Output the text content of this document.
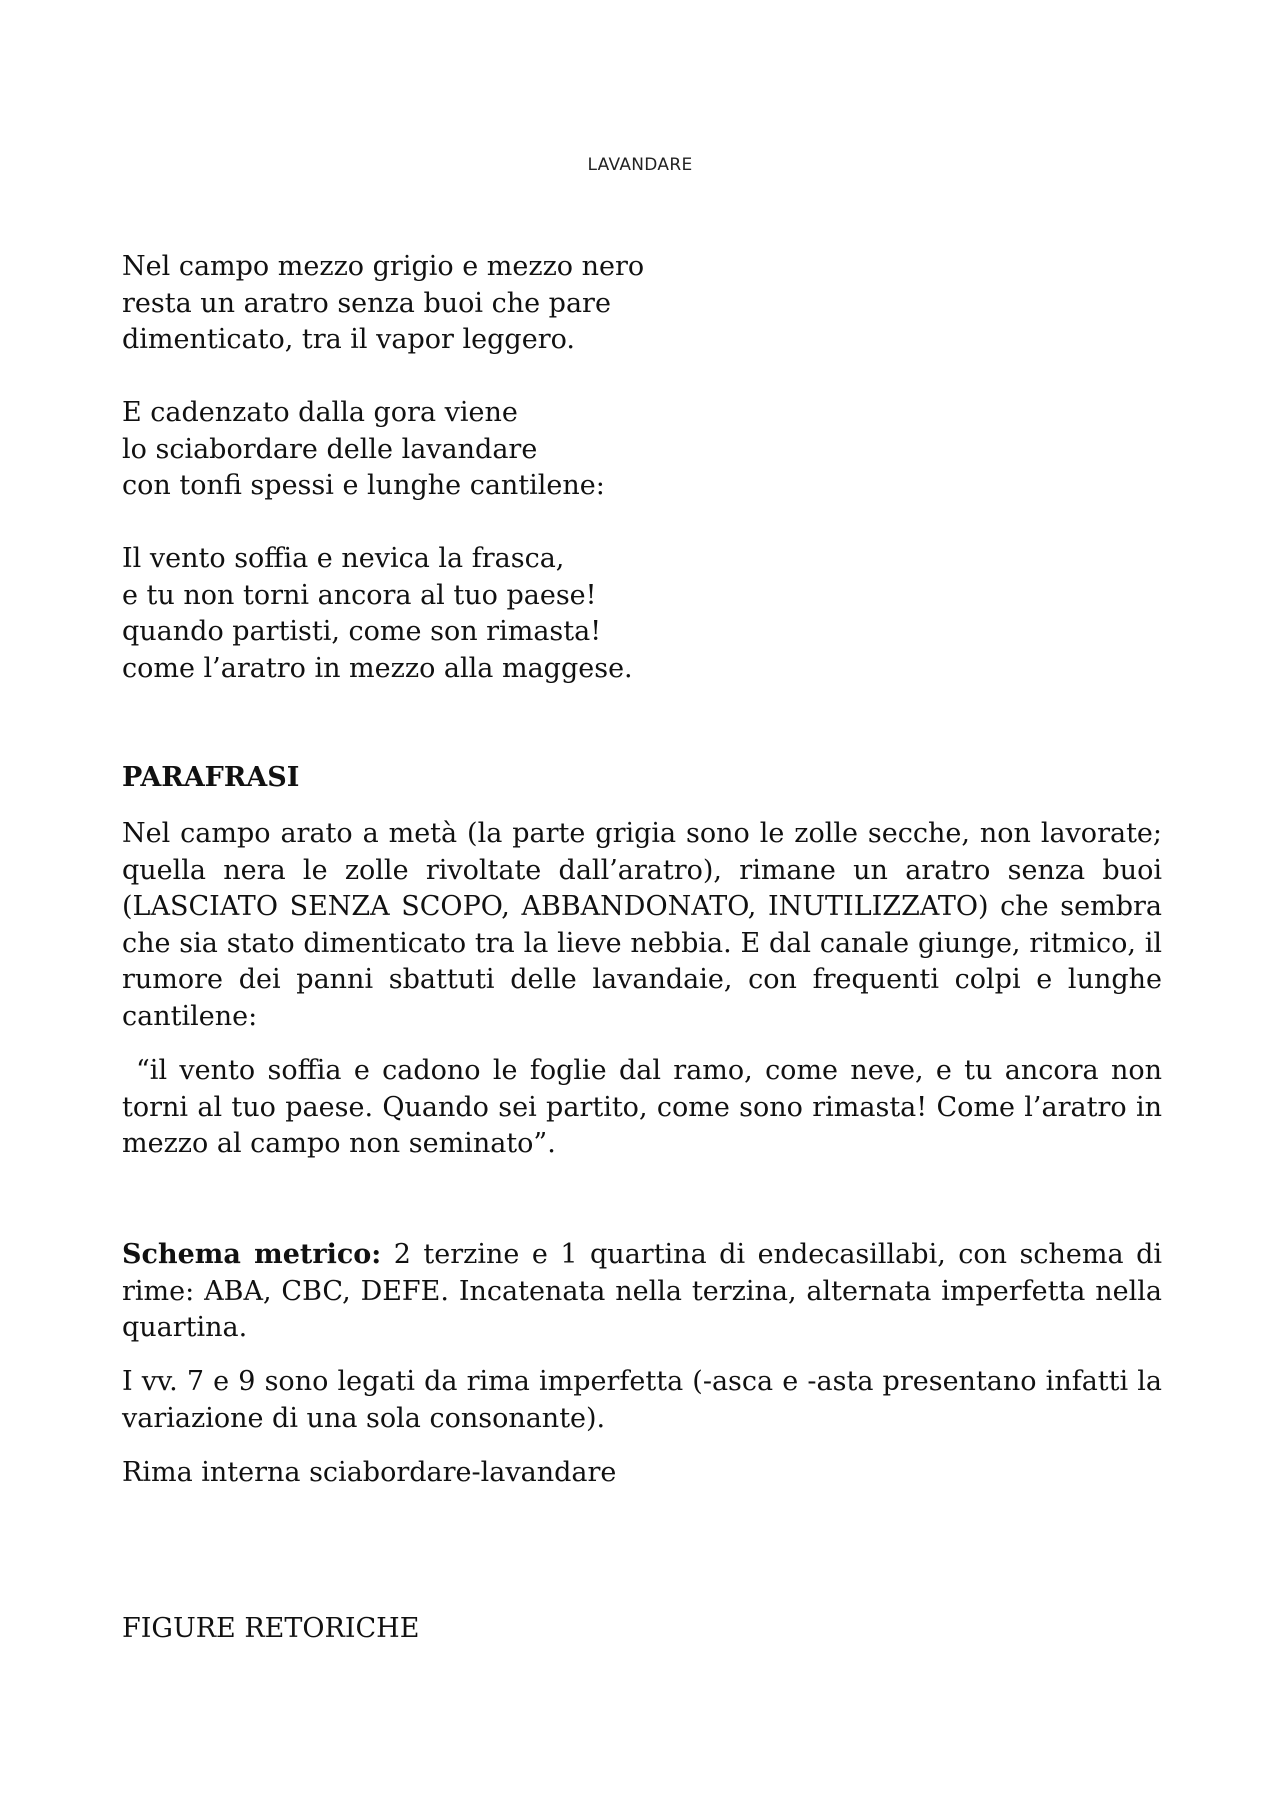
LAVANDARE
Nel campo mezzo grigio e mezzo nero
resta un aratro senza buoi che pare
dimenticato, tra il vapor leggero.
E cadenzato dalla gora viene
lo sciabordare delle lavandare
con tonfi spessi e lunghe cantilene:
Il vento soffia e nevica la frasca,
e tu non torni ancora al tuo paese!
quando partisti, come son rimasta!
come l’aratro in mezzo alla maggese.
PARAFRASI

Nel campo arato a metà (la parte grigia sono le zolle secche, non lavorate; quella nera le zolle rivoltate dall’aratro), rimane un aratro senza buoi (LASCIATO SENZA SCOPO, ABBANDONATO, INUTILIZZATO) che sembra che sia stato dimenticato tra la lieve nebbia. E dal canale giunge, ritmico, il rumore dei panni sbattuti delle lavandaie, con frequenti colpi e lunghe cantilene:

“il vento soffia e cadono le foglie dal ramo, come neve, e tu ancora non torni al tuo paese. Quando sei partito, come sono rimasta! Come l’aratro in mezzo al campo non seminato”.

Schema metrico: 2 terzine e 1 quartina di endecasillabi, con schema di rime: ABA, CBC, DEFE. Incatenata nella terzina, alternata imperfetta nella quartina.

I vv. 7 e 9 sono legati da rima imperfetta (-asca e -asta presentano infatti la variazione di una sola consonante).

Rima interna sciabordare-lavandare

FIGURE RETORICHE
